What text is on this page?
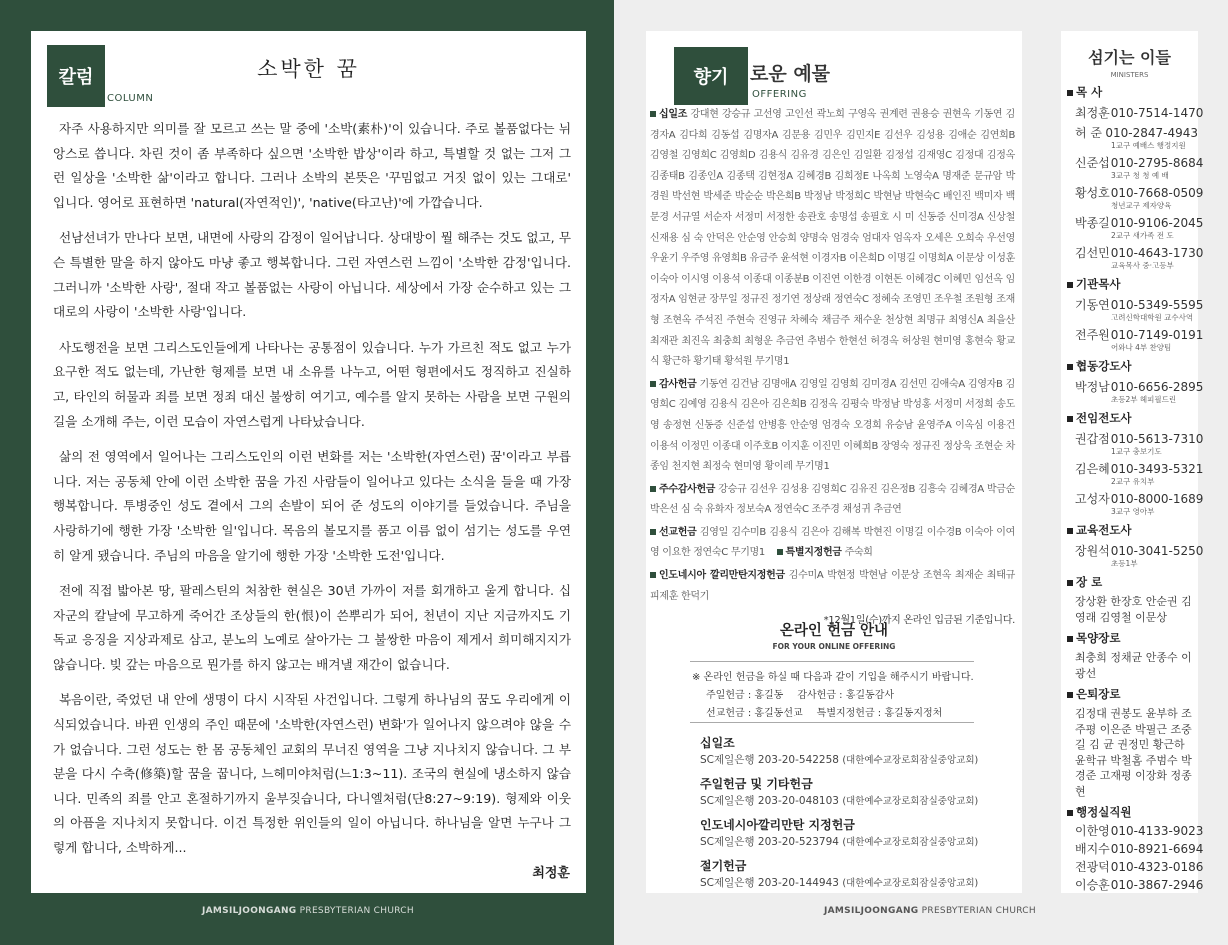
칼럼
COLUMN
소박한 꿈

자주 사용하지만 의미를 잘 모르고 쓰는 말 중에 '소박(素朴)'이 있습니다. 주로 볼품없다는 뉘앙스로 씁니다. 차린 것이 좀 부족하다 싶으면 '소박한 밥상'이라 하고, 특별할 것 없는 그저 그런 일상을 '소박한 삶'이라고 합니다. 그러나 소박의 본뜻은 '꾸밈없고 거짓 없이 있는 그대로' 입니다. 영어로 표현하면 'natural(자연적인)', 'native(타고난)'에 가깝습니다.

선남선녀가 만나다 보면, 내면에 사랑의 감정이 일어납니다. 상대방이 뭘 해주는 것도 없고, 무슨 특별한 말을 하지 않아도 마냥 좋고 행복합니다. 그런 자연스런 느낌이 '소박한 감정'입니다. 그러니까 '소박한 사랑', 절대 작고 볼품없는 사랑이 아닙니다. 세상에서 가장 순수하고 있는 그대로의 사랑이 '소박한 사랑'입니다.

사도행전을 보면 그리스도인들에게 나타나는 공통점이 있습니다. 누가 가르친 적도 없고 누가 요구한 적도 없는데, 가난한 형제를 보면 내 소유를 나누고, 어떤 형편에서도 정직하고 진실하고, 타인의 허물과 죄를 보면 정죄 대신 불쌍히 여기고, 예수를 알지 못하는 사람을 보면 구원의 길을 소개해 주는, 이런 모습이 자연스럽게 나타났습니다.

삶의 전 영역에서 일어나는 그리스도인의 이런 변화를 저는 '소박한(자연스런) 꿈'이라고 부릅니다. 저는 공동체 안에 이런 소박한 꿈을 가진 사람들이 일어나고 있다는 소식을 들을 때 가장 행복합니다. 투병중인 성도 곁에서 그의 손발이 되어 준 성도의 이야기를 들었습니다. 주님을 사랑하기에 행한 가장 '소박한 일'입니다. 목음의 볼모지를 품고 이름 없이 섬기는 성도를 우연히 알게 됐습니다. 주님의 마음을 알기에 행한 가장 '소박한 도전'입니다.

전에 직접 밟아본 땅, 팔레스틴의 처참한 현실은 30년 가까이 저를 회개하고 울게 합니다. 십자군의 칼날에 무고하게 죽어간 조상들의 한(恨)이 쓴뿌리가 되어, 천년이 지난 지금까지도 기독교 응징을 지상과제로 삼고, 분노의 노예로 살아가는 그 불쌍한 마음이 제게서 희미해지지가 않습니다. 빚 갚는 마음으로 뭔가를 하지 않고는 배겨낼 재간이 없습니다.

복음이란, 죽었던 내 안에 생명이 다시 시작된 사건입니다. 그렇게 하나님의 꿈도 우리에게 이식되었습니다. 바뀐 인생의 주인 때문에 '소박한(자연스런) 변화'가 일어나지 않으려야 않을 수가 없습니다. 그런 성도는 한 몸 공동체인 교회의 무너진 영역을 그냥 지나치지 않습니다. 그 부분을 다시 수축(修築)할 꿈을 꿉니다, 느헤미야처럼(느1:3~11). 조국의 현실에 냉소하지 않습니다. 민족의 죄를 안고 혼절하기까지 울부짖습니다, 다니엘처럼(단8:27~9:19). 형제와 이웃의 아픔을 지나치지 못합니다. 이건 특정한 위인들의 일이 아닙니다. 하나님을 알면 누구나 그렇게 합니다, 소박하게...

최정훈
JAMSILJOONGANG PRESBYTERIAN CHURCH
향기	로운 예물
OFFERING
십일조 강대현 강승규 고선영 고인선 곽노희 구영옥 권계련 권용승 권현옥 기동연 김경자A 김다희 김동섭 김명자A 김문용 김민우 김민지E 김선우 김성용 김애순 김연희B 김영철 김영희C 김영희D 김용식 김유경 김은인 김일환 김정섭 김재영C 김정대 김정옥 김종태B 김종인A 김종택 김현정A 김혜경B 김희정E 나옥희 노영숙A 명재준 문규암 박경원 박선현 박세준 박순순 박은희B 박정남 박정희C 박현남 박현숙C 배인진 백미자 백문경 서규열 서순자 서정미 서정한 송관호 송명섭 송필호 시 미 신동증 신미경A 신상철 신재용 심 숙 안덕은 안순영 안승희 양명숙 엄경숙 엄대자 엄옥자 오세은 오희숙 우선영 우윤기 우주영 유영희B 유금주 윤석현 이경자B 이은희D 이명길 이명희A 이문상 이성훈 이숙아 이시영 이용석 이종대 이종분B 이진연 이한경 이현돈 이혜경C 이혜민 임선옥 임정자A 임현균 장무일 정규진 정기연 정상래 정연숙C 정혜숙 조영민 조우철 조원형 조재형 조현옥 주석진 주현숙 진영규 차혜숙 채금주 채수운 천상현 최명규 최영신A 최을산 최재관 최진옥 최충희 최형운 추금연 추범수 한현선 허경옥 허상원 현미영 홍현숙 황교식 황근하 황기태 황석원 무기명1
감사헌금 기동연 김건남 김명애A 김영일 김영희 김미경A 김선민 김애숙A 김영자B 김영희C 김예영 김용식 김은아 김은희B 김정옥 김평숙 박정남 박성홍 서정미 서정희 송도영 송정현 신동증 신준섭 안병흥 안순영 엄경숙 오경희 유승남 윤영주A 이옥심 이용건 이용석 이정민 이종대 이주호B 이지훈 이진민 이혜희B 장영숙 정규진 정상욱 조현순 차종임 천지현 최정숙 현미영 황이레 무기명1
주수감사헌금 강승규 김선우 김성용 김영희C 김유진 김은정B 김흥숙 김혜경A 박금순 박은선 심 숙 유화자 정보숙A 정연숙C 조주경 채성귀 추금연
선교헌금 김영일 김수미B 김용식 김은아 김해복 박현진 이명길 이수경B 이숙아 이여영 이요한 정연숙C 무기명1 특별지정헌금 주숙희
인도네시아 깔리만탄지정헌금 김수미A 박현정 박현남 이문상 조현옥 최재순 최태규 피제훈 한덕기
*12월1일(수)까지 온라인 입금된 기준입니다.
온라인 헌금 안내
FOR YOUR ONLINE OFFERING
※ 온라인 헌금을 하실 때 다음과 같이 기입을 해주시기 바랍니다.
주일헌금 : 홍길동 감사헌금 : 홍길동감사
선교헌금 : 홍길동선교 특별지정헌금 : 홍길동지정처
십일조
SC제일은행 203-20-542258 (대한예수교장로회잠실중앙교회)
주일헌금 및 기타헌금
SC제일은행 203-20-048103 (대한예수교장로회잠실중앙교회)
인도네시아깔리만탄 지정헌금
SC제일은행 203-20-523794 (대한예수교장로회잠실중앙교회)
절기헌금
SC제일은행 203-20-144943 (대한예수교장로회잠실중앙교회)
섬기는 이들
MINISTERS
목 사
최정훈 010-7514-1470
허 준 010-2847-4943
1교구 예배스 행정지원
신준섭 010-2795-8684
3교구 청 청 예 배
황성호 010-7668-0509
청년교구 제자양육
박종길 010-9106-2045
2교구 새가족 전 도
김선민 010-4643-1730
교육목사 중·고등부
기관목사
기동연 010-5349-5595
고려신학대학원 교수사역
전주원 010-7149-0191
어와나 4부 찬양팀
협동강도사
박정남 010-6656-2895
초등2부 헤피필드린
전임전도사
권갑점 010-5613-7310
1교구 충보기도
김은혜 010-3493-5321
2교구 유치부
고성자 010-8000-1689
3교구 영아부
교육전도사
장원석 010-3041-5250
초등1부
장 로
장상환 한장호 안순권 김영래 김영철 이문상
목양장로
최충희 정채균 안종수 이광선
은퇴장로
김정대 권봉도 윤부하 조주평 이은준 박필근 조중길 김 균 권정민 황근하 윤학규 박철홈 주범수 박경준 고재평 이장화 정종현
행정실직원
이한영 010-4133-9023
배지수 010-8921-6694
전광덕 010-4323-0186
이승훈 010-3867-2946
JAMSILJOONGANG PRESBYTERIAN CHURCH
